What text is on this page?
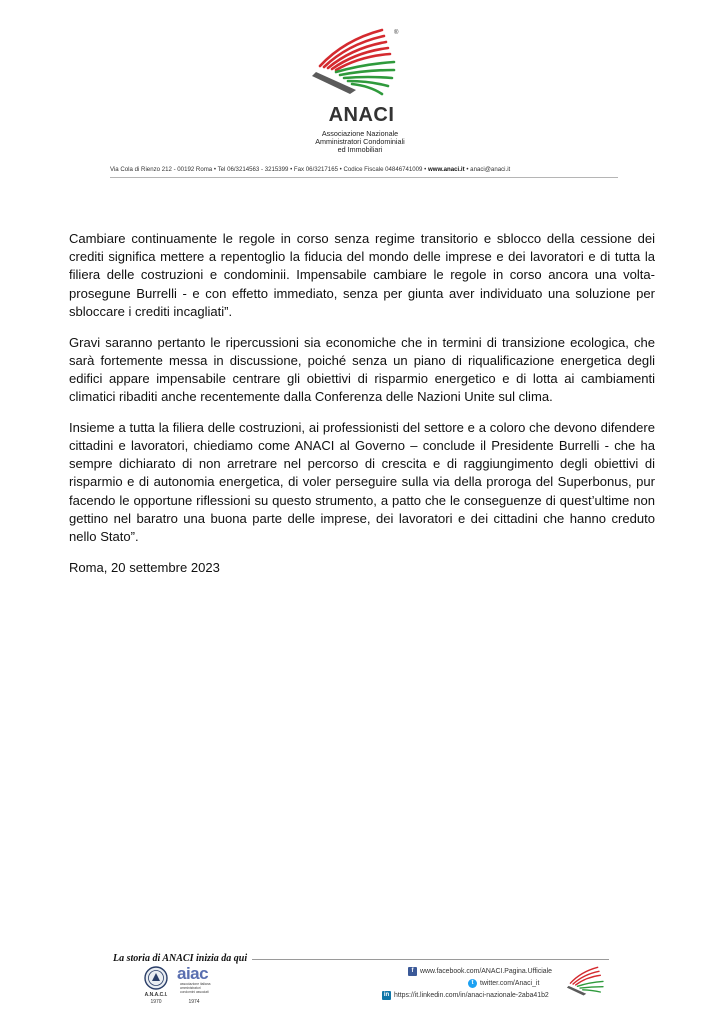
®
ANACI
Associazione Nazionale
Amministratori Condominiali
ed Immobiliari
Via Cola di Rienzo 212 - 00192 Roma • Tel 06/3214563 - 3215399 • Fax 06/3217165 • Codice Fiscale 04846741009 • www.anaci.it • anaci@anaci.it

Cambiare continuamente le regole in corso senza regime transitorio e sblocco della cessione dei crediti significa mettere a repentoglio la fiducia del mondo delle imprese e dei lavoratori e di tutta la filiera delle costruzioni e condominii. Impensabile cambiare le regole in corso ancora una volta- prosegune Burrelli - e con effetto immediato, senza per giunta aver individuato una soluzione per sbloccare i crediti incagliati”.

Gravi saranno pertanto le ripercussioni sia economiche che in termini di transizione ecologica, che sarà fortemente messa in discussione, poiché senza un piano di riqualificazione energetica degli edifici appare impensabile centrare gli obiettivi di risparmio energetico e di lotta ai cambiamenti climatici ribaditi anche recentemente dalla Conferenza delle Nazioni Unite sul clima.

Insieme a tutta la filiera delle costruzioni, ai professionisti del settore e a coloro che devono difendere cittadini e lavoratori, chiediamo come ANACI al Governo – conclude il Presidente Burrelli - che ha sempre dichiarato di non arretrare nel percorso di crescita e di raggiungimento degli obiettivi di risparmio e di autonomia energetica, di voler perseguire sulla via della proroga del Superbonus, pur facendo le opportune riflessioni su questo strumento, a patto che le conseguenze di quest’ultime non gettino nel baratro una buona parte delle imprese, dei lavoratori e dei cittadini che hanno creduto nello Stato”.

Roma, 20 settembre 2023

La storia di ANACI inizia da qui
A.N.A.C.I.
1970
aiac
associazione italiana amministratori condomini associati
1974
f www.facebook.com/ANACI.Pagina.Ufficiale
t twitter.com/Anaci_it
in https://it.linkedin.com/in/anaci-nazionale-2aba41b2
